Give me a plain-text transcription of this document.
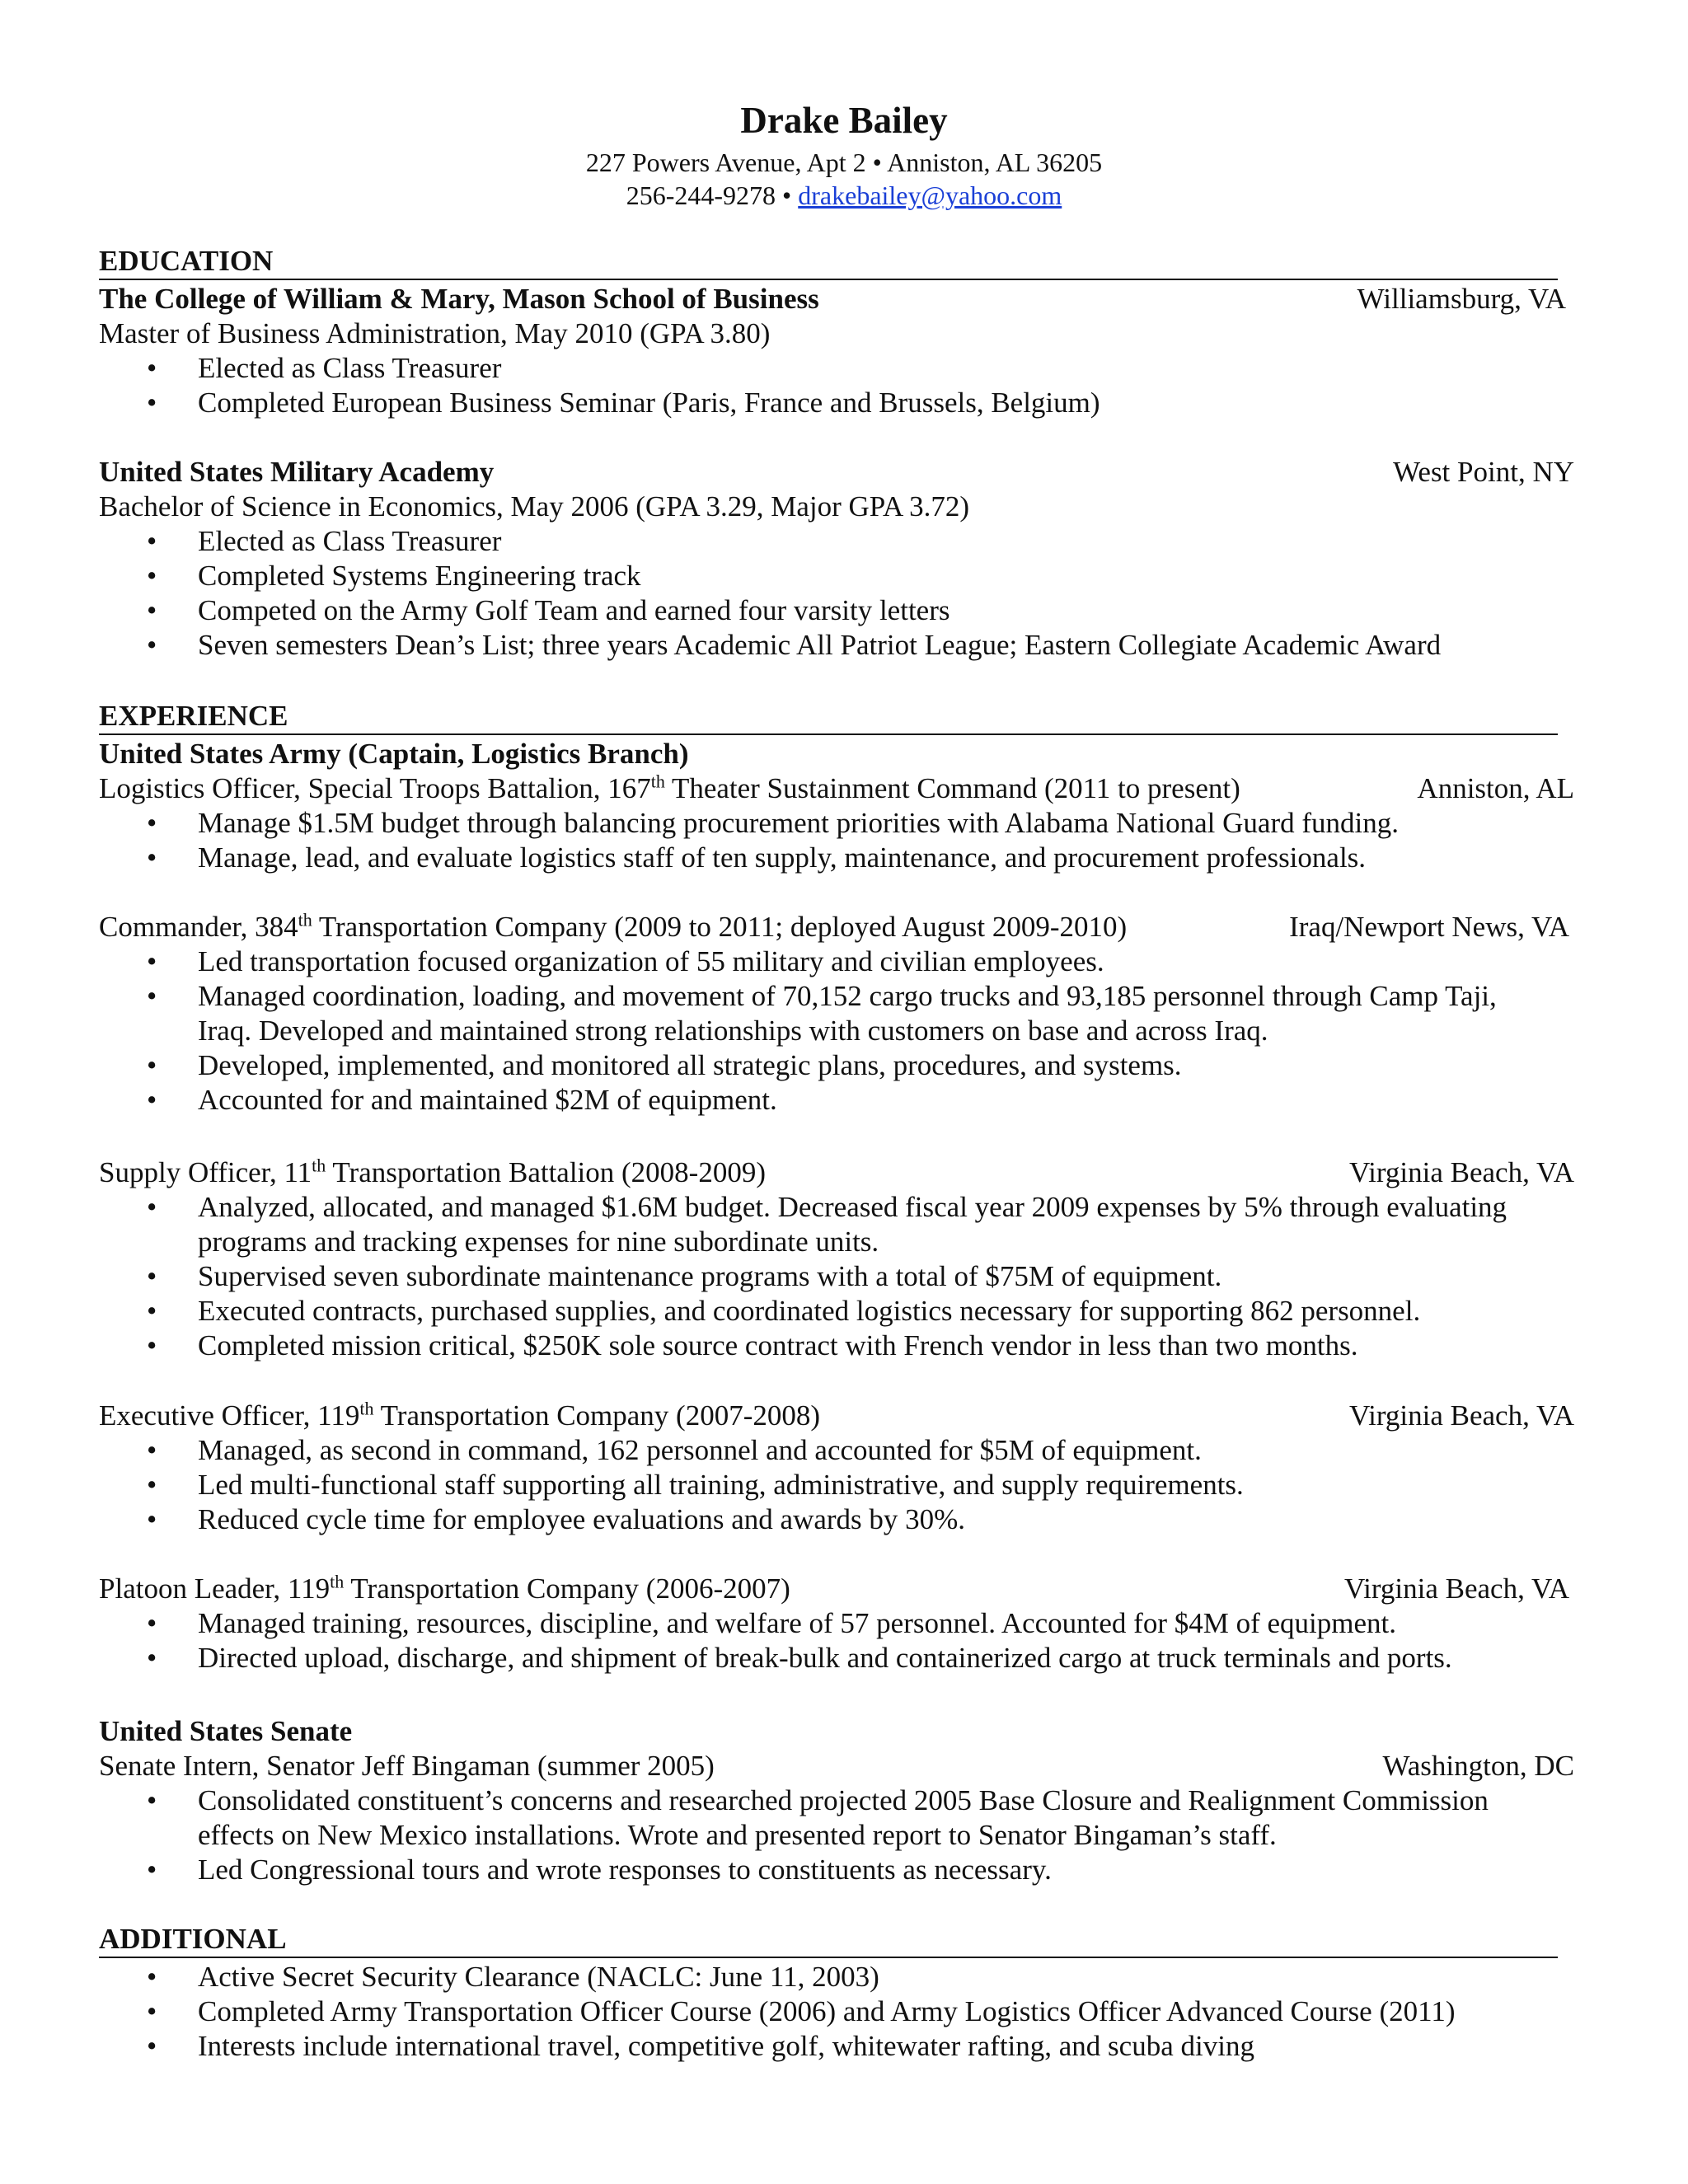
Drake Bailey
227 Powers Avenue, Apt 2 • Anniston, AL 36205
256-244-9278 • drakebailey@yahoo.com
EDUCATION
The College of William & Mary, Mason School of Business	Williamsburg, VA
Master of Business Administration, May 2010 (GPA 3.80)
• Elected as Class Treasurer
• Completed European Business Seminar (Paris, France and Brussels, Belgium)
United States Military Academy	West Point, NY
Bachelor of Science in Economics, May 2006 (GPA 3.29, Major GPA 3.72)
• Elected as Class Treasurer
• Completed Systems Engineering track
• Competed on the Army Golf Team and earned four varsity letters
• Seven semesters Dean’s List; three years Academic All Patriot League; Eastern Collegiate Academic Award
EXPERIENCE
United States Army (Captain, Logistics Branch)
Logistics Officer, Special Troops Battalion, 167th Theater Sustainment Command (2011 to present)	Anniston, AL
• Manage $1.5M budget through balancing procurement priorities with Alabama National Guard funding.
• Manage, lead, and evaluate logistics staff of ten supply, maintenance, and procurement professionals.
Commander, 384th Transportation Company (2009 to 2011; deployed August 2009-2010)	Iraq/Newport News, VA
• Led transportation focused organization of 55 military and civilian employees.
• Managed coordination, loading, and movement of 70,152 cargo trucks and 93,185 personnel through Camp Taji,
Iraq. Developed and maintained strong relationships with customers on base and across Iraq.
• Developed, implemented, and monitored all strategic plans, procedures, and systems.
• Accounted for and maintained $2M of equipment.
Supply Officer, 11th Transportation Battalion (2008-2009)	Virginia Beach, VA
• Analyzed, allocated, and managed $1.6M budget. Decreased fiscal year 2009 expenses by 5% through evaluating
programs and tracking expenses for nine subordinate units.
• Supervised seven subordinate maintenance programs with a total of $75M of equipment.
• Executed contracts, purchased supplies, and coordinated logistics necessary for supporting 862 personnel.
• Completed mission critical, $250K sole source contract with French vendor in less than two months.
Executive Officer, 119th Transportation Company (2007-2008)	Virginia Beach, VA
• Managed, as second in command, 162 personnel and accounted for $5M of equipment.
• Led multi-functional staff supporting all training, administrative, and supply requirements.
• Reduced cycle time for employee evaluations and awards by 30%.
Platoon Leader, 119th Transportation Company (2006-2007)	Virginia Beach, VA
• Managed training, resources, discipline, and welfare of 57 personnel. Accounted for $4M of equipment.
• Directed upload, discharge, and shipment of break-bulk and containerized cargo at truck terminals and ports.
United States Senate
Senate Intern, Senator Jeff Bingaman (summer 2005)	Washington, DC
• Consolidated constituent’s concerns and researched projected 2005 Base Closure and Realignment Commission
effects on New Mexico installations. Wrote and presented report to Senator Bingaman’s staff.
• Led Congressional tours and wrote responses to constituents as necessary.
ADDITIONAL
• Active Secret Security Clearance (NACLC: June 11, 2003)
• Completed Army Transportation Officer Course (2006) and Army Logistics Officer Advanced Course (2011)
• Interests include international travel, competitive golf, whitewater rafting, and scuba diving
